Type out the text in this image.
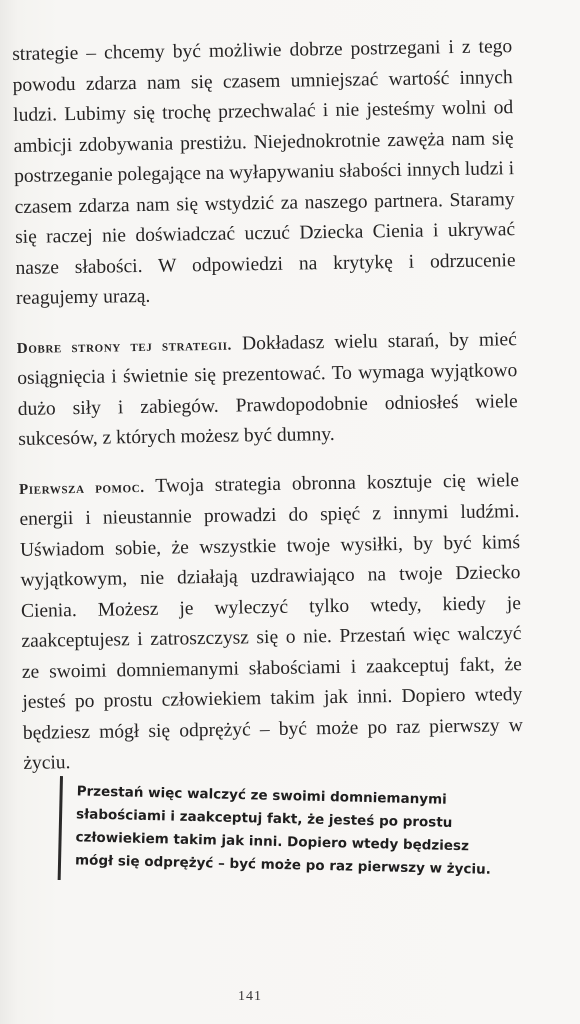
strategie – chcemy być możliwie dobrze postrzegani i z tego powodu zdarza nam się czasem umniejszać wartość innych ludzi. Lubimy się trochę przechwalać i nie jesteśmy wolni od ambicji zdobywania prestiżu. Niejednokrotnie zawęża nam się postrzeganie polegające na wyłapywaniu słabości innych ludzi i czasem zdarza nam się wstydzić za naszego partnera. Staramy się raczej nie doświadczać uczuć Dziecka Cienia i ukrywać nasze słabości. W odpowiedzi na krytykę i odrzucenie reagujemy urazą.

Dobre strony tej strategii. Dokładasz wielu starań, by mieć osiągnięcia i świetnie się prezentować. To wymaga wyjątkowo dużo siły i zabiegów. Prawdopodobnie odniosłeś wiele sukcesów, z których możesz być dumny.

Pierwsza pomoc. Twoja strategia obronna kosztuje cię wiele energii i nieustannie prowadzi do spięć z innymi ludźmi. Uświadom sobie, że wszystkie twoje wysiłki, by być kimś wyjątkowym, nie działają uzdrawiająco na twoje Dziecko Cienia. Możesz je wyleczyć tylko wtedy, kiedy je zaakceptujesz i zatroszczysz się o nie. Przestań więc walczyć ze swoimi domniemanymi słabościami i zaakceptuj fakt, że jesteś po prostu człowiekiem takim jak inni. Dopiero wtedy będziesz mógł się odprężyć – być może po raz pierwszy w życiu.

Przestań więc walczyć ze swoimi domniemanymi słabościami i zaakceptuj fakt, że jesteś po prostu człowiekiem takim jak inni. Dopiero wtedy będziesz mógł się odprężyć – być może po raz pierwszy w życiu.
141
